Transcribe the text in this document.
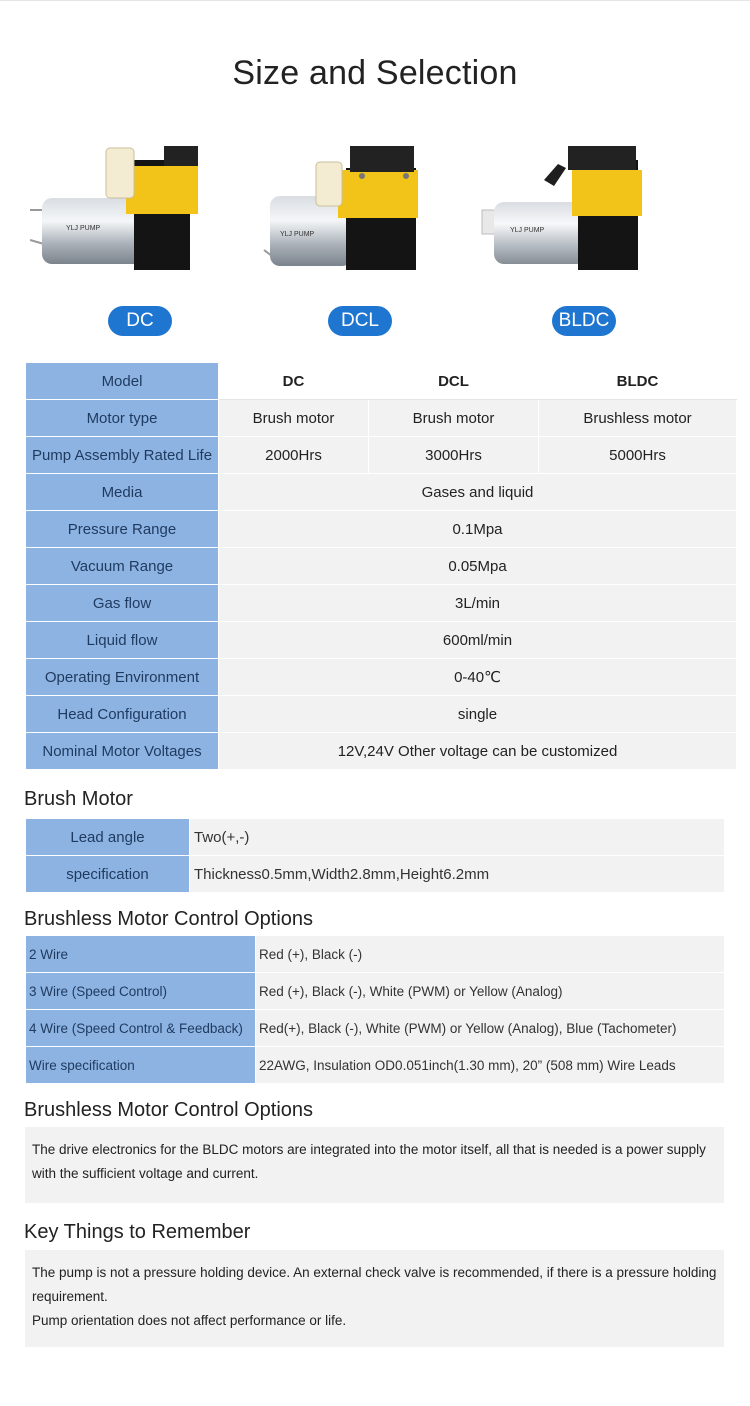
Size and Selection
YLJ PUMP
DC
YLJ PUMP
DCL
YLJ PUMP
BLDC
Model	DC	DCL	BLDC
Motor type	Brush motor	Brush motor	Brushless motor
Pump Assembly Rated Life	2000Hrs	3000Hrs	5000Hrs
Media	Gases and liquid		
Pressure Range	0.1Mpa		
Vacuum Range	0.05Mpa		
Gas flow	3L/min		
Liquid flow	600ml/min		
Operating Environment	0-40℃		
Head Configuration	single		
Nominal Motor Voltages	12V,24V Other voltage can be customized		
Brush Motor
Lead angle	Two(+,-)
specification	Thickness0.5mm,Width2.8mm,Height6.2mm
Brushless Motor Control Options
2 Wire	Red (+), Black (-)
3 Wire (Speed Control)	Red (+), Black (-), White (PWM) or Yellow (Analog)
4 Wire (Speed Control & Feedback)	Red(+), Black (-), White (PWM) or Yellow (Analog), Blue (Tachometer)
Wire specification	22AWG, Insulation OD0.051inch(1.30 mm), 20” (508 mm) Wire Leads
Brushless Motor Control Options

The drive electronics for the BLDC motors are integrated into the motor itself, all that is needed is a power supply with the sufficient voltage and current.

Key Things to Remember

The pump is not a pressure holding device. An external check valve is recommended, if there is a pressure holding requirement.

Pump orientation does not affect performance or life.
